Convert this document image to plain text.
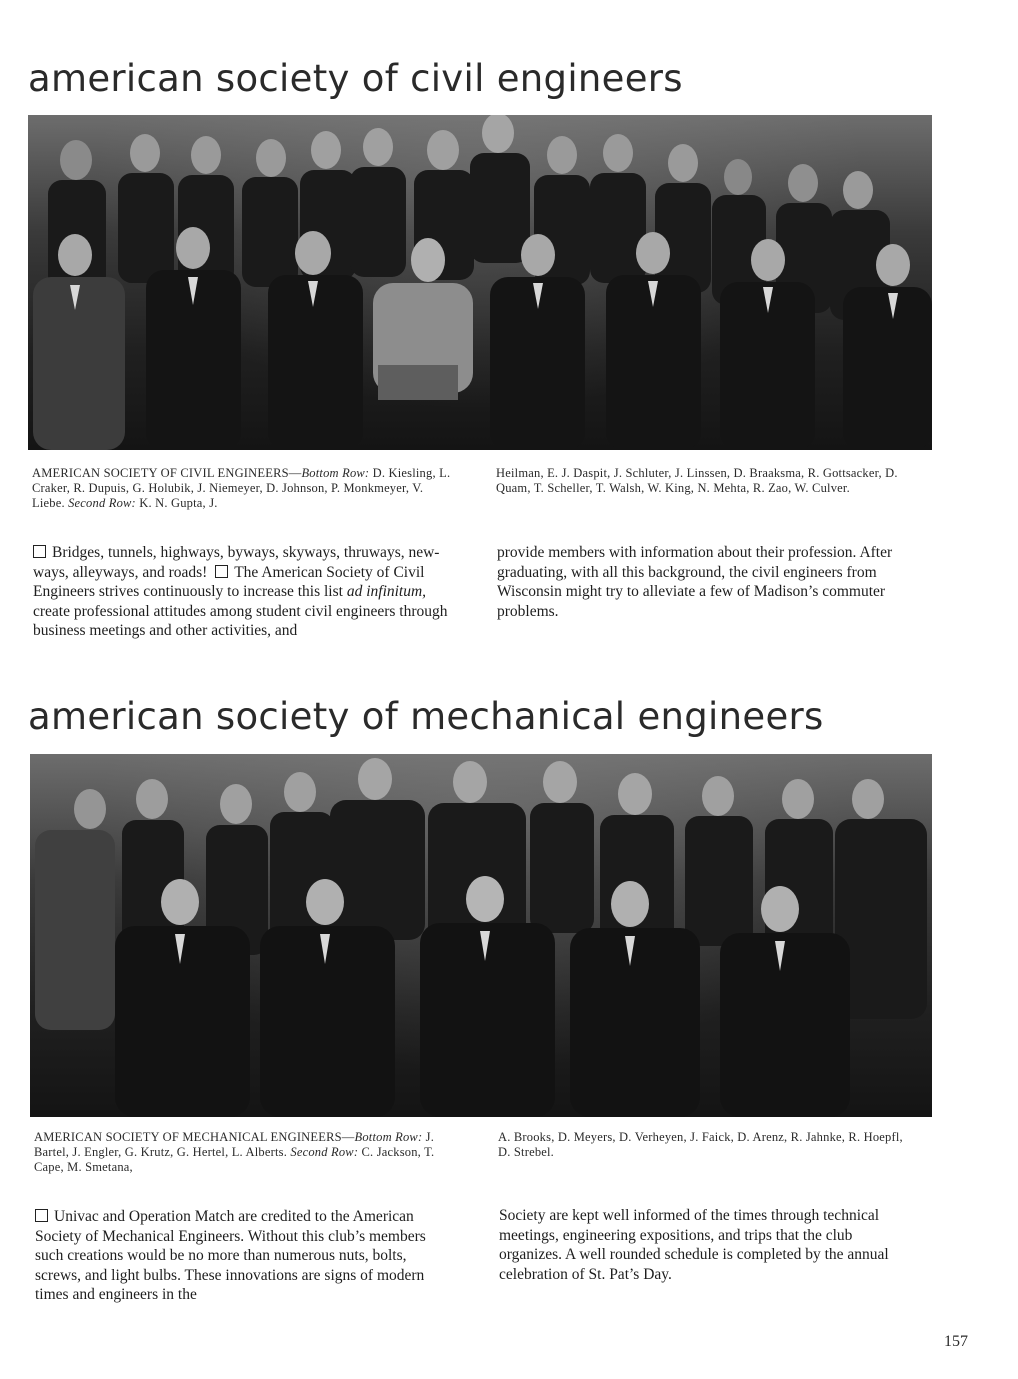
american society of civil engineers
AMERICAN SOCIETY OF CIVIL ENGINEERS—Bottom Row: D. Kiesling, L. Craker, R. Dupuis, G. Holubik, J. Niemeyer, D. Johnson, P. Monkmeyer, V. Liebe. Second Row: K. N. Gupta, J.
Heilman, E. J. Daspit, J. Schluter, J. Linssen, D. Braaksma, R. Gottsacker, D. Quam, T. Scheller, T. Walsh, W. King, N. Mehta, R. Zao, W. Culver.
Bridges, tunnels, highways, byways, skyways, thruways, new-ways, alleyways, and roads! The American Society of Civil Engineers strives continuously to increase this list ad infinitum, create professional attitudes among student civil engineers through business meetings and other activities, and
provide members with information about their profession. After graduating, with all this background, the civil engineers from Wisconsin might try to alleviate a few of Madison’s commuter problems.
american society of mechanical engineers
AMERICAN SOCIETY OF MECHANICAL ENGINEERS—Bottom Row: J. Bartel, J. Engler, G. Krutz, G. Hertel, L. Alberts. Second Row: C. Jackson, T. Cape, M. Smetana,
A. Brooks, D. Meyers, D. Verheyen, J. Faick, D. Arenz, R. Jahnke, R. Hoepfl, D. Strebel.
Univac and Operation Match are credited to the American Society of Mechanical Engineers. Without this club’s members such creations would be no more than numerous nuts, bolts, screws, and light bulbs. These innovations are signs of modern times and engineers in the
Society are kept well informed of the times through technical meetings, engineering expositions, and trips that the club organizes. A well rounded schedule is completed by the annual celebration of St. Pat’s Day.
157
